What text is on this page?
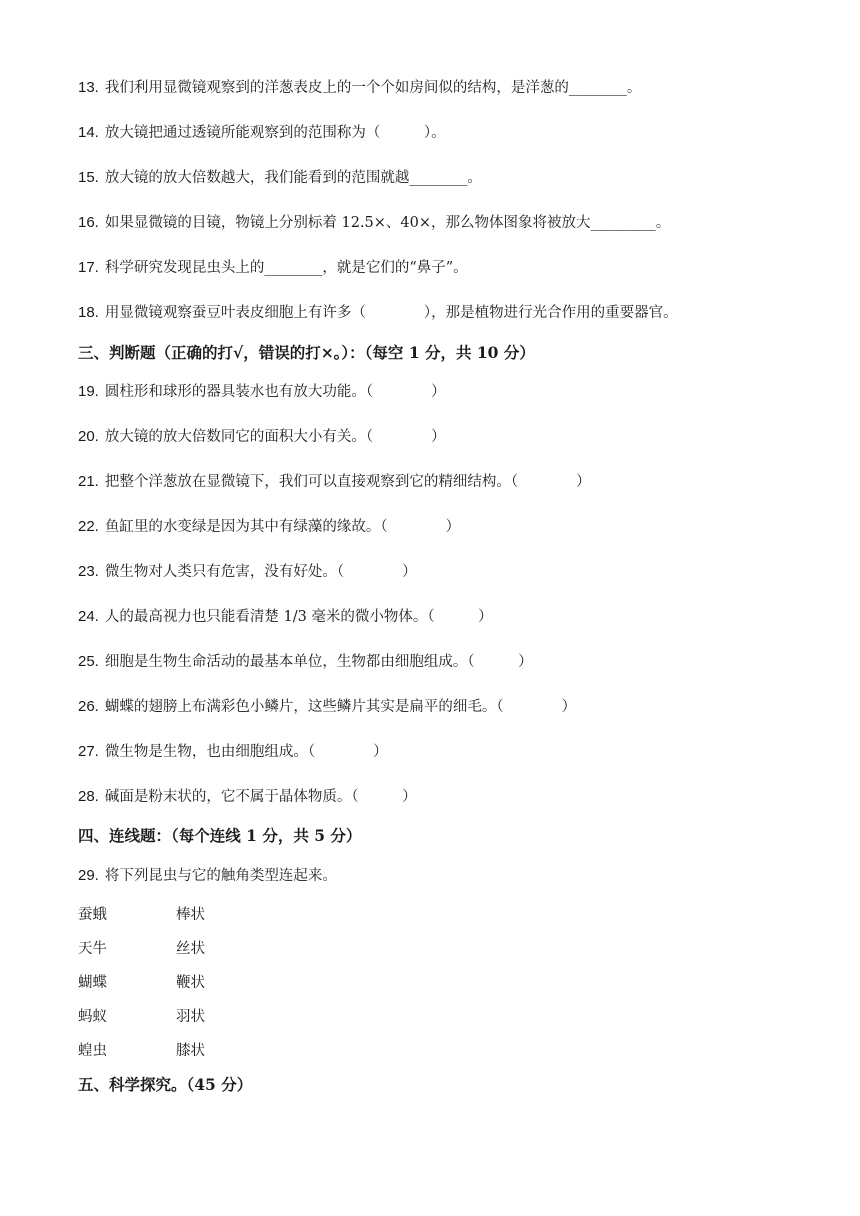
13. 我们利用显微镜观察到的洋葱表皮上的一个个如房间似的结构，是洋葱的________。
14. 放大镜把通过透镜所能观察到的范围称为（　　　）。
15. 放大镜的放大倍数越大，我们能看到的范围就越________。
16. 如果显微镜的目镜，物镜上分别标着 12.5×、40×，那么物体图象将被放大_________。
17. 科学研究发现昆虫头上的________，就是它们的“鼻子”。
18. 用显微镜观察蚕豆叶表皮细胞上有许多（　　　　），那是植物进行光合作用的重要器官。
三、判断题（正确的打√，错误的打×。）：（每空 1 分，共 10 分）
19. 圆柱形和球形的器具装水也有放大功能。（　　　　）
20. 放大镜的放大倍数同它的面积大小有关。（　　　　）
21. 把整个洋葱放在显微镜下，我们可以直接观察到它的精细结构。（　　　　）
22. 鱼缸里的水变绿是因为其中有绿藻的缘故。（　　　　）
23. 微生物对人类只有危害，没有好处。（　　　　）
24. 人的最高视力也只能看清楚 1/3 毫米的微小物体。（　　　）
25. 细胞是生物生命活动的最基本单位，生物都由细胞组成。（　　　）
26. 蝴蝶的翅膀上布满彩色小鳞片，这些鳞片其实是扁平的细毛。（　　　　）
27. 微生物是生物，也由细胞组成。（　　　　）
28. 碱面是粉末状的，它不属于晶体物质。（　　　）
四、连线题：（每个连线 1 分，共 5 分）
29. 将下列昆虫与它的触角类型连起来。
蚕蛾	棒状
天牛	丝状
蝴蝶	鞭状
蚂蚁	羽状
蝗虫	膝状
五、科学探究。（45 分）
